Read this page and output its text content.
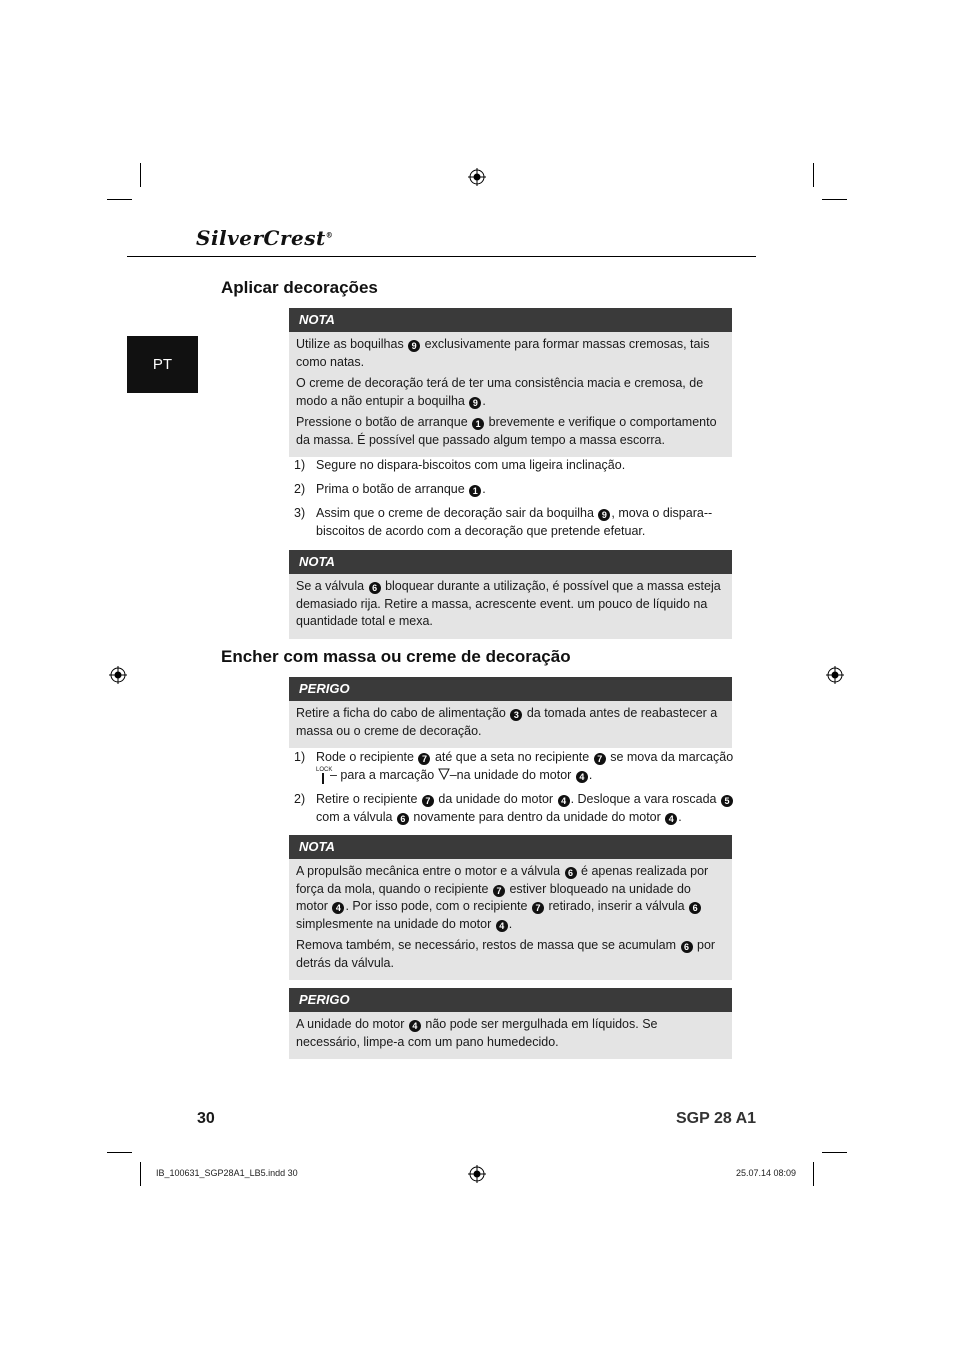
SilverCrest®
PT
Aplicar decorações
NOTA

Utilize as boquilhas 9 exclusivamente para formar massas cremosas, tais como natas.

O creme de decoração terá de ter uma consistência macia e cremosa, de modo a não entupir a boquilha 9 .

Pressione o botão de arranque 1 brevemente e verifique o comportamento da massa. É possível que passado algum tempo a massa escorra.

1) Segure no dispara-biscoitos com uma ligeira inclinação.
2) Prima o botão de arranque 1 .
3) Assim que o creme de decoração sair da boquilha 9 , mova o dispara--biscoitos de acordo com a decoração que pretende efetuar.
NOTA

Se a válvula 6 bloquear durante a utilização, é possível que a massa esteja demasiado rija. Retire a massa, acrescente event. um pouco de líquido na quantidade total e mexa.

Encher com massa ou creme de decoração
PERIGO

Retire a ficha do cabo de alimentação 3 da tomada antes de reabastecer a massa ou o creme de decoração.

1) Rode o recipiente 7 até que a seta no recipiente 7 se mova da marcação
LOCK
– para a marcação –na unidade do motor 4 .
2) Retire o recipiente 7 da unidade do motor 4 . Desloque a vara roscada 5 com a válvula 6 novamente para dentro da unidade do motor 4 .
NOTA

A propulsão mecânica entre o motor e a válvula 6 é apenas realizada por força da mola, quando o recipiente 7 estiver bloqueado na unidade do motor 4 . Por isso pode, com o recipiente 7 retirado, inserir a válvula 6 simplesmente na unidade do motor 4 .

Remova também, se necessário, restos de massa que se acumulam 6 por detrás da válvula.

PERIGO

A unidade do motor 4 não pode ser mergulhada em líquidos. Se necessário, limpe-a com um pano humedecido.

30	SGP 28 A1
IB_100631_SGP28A1_LB5.indd 30	25.07.14 08:09
